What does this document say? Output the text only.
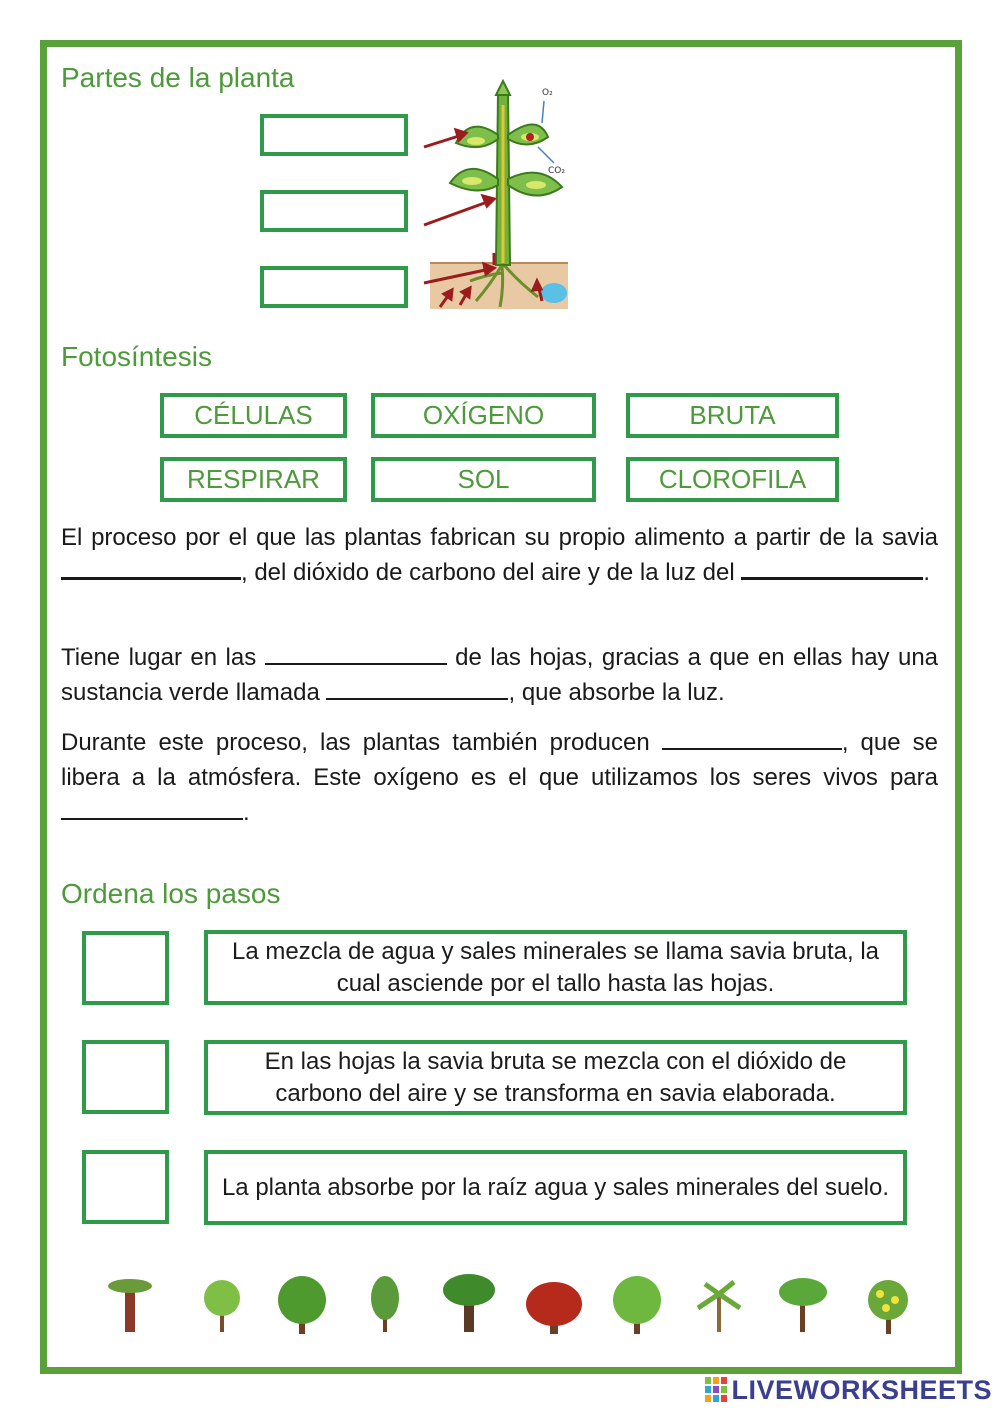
Partes de la planta	O₂
CO₂
Fotosíntesis
CÉLULAS	OXÍGENO	BRUTA
RESPIRAR	SOL	CLOROFILA
El proceso por el que las plantas fabrican su propio alimento a partir de la savia , del dióxido de carbono del aire y de la luz del	.
Tiene lugar en las	de las hojas, gracias a que en ellas hay una sustancia verde llamada	, que absorbe la luz.
Durante este proceso, las plantas también producen	, que se libera a la atmósfera. Este oxígeno es el que utilizamos los seres vivos para .
Ordena los pasos
La mezcla de agua y sales minerales se llama savia bruta, la cual asciende por el tallo hasta las hojas.
En las hojas la savia bruta se mezcla con el dióxido de carbono del aire y se transforma en savia elaborada.
La planta absorbe por la raíz agua y sales minerales del suelo.
LIVEWORKSHEETS
